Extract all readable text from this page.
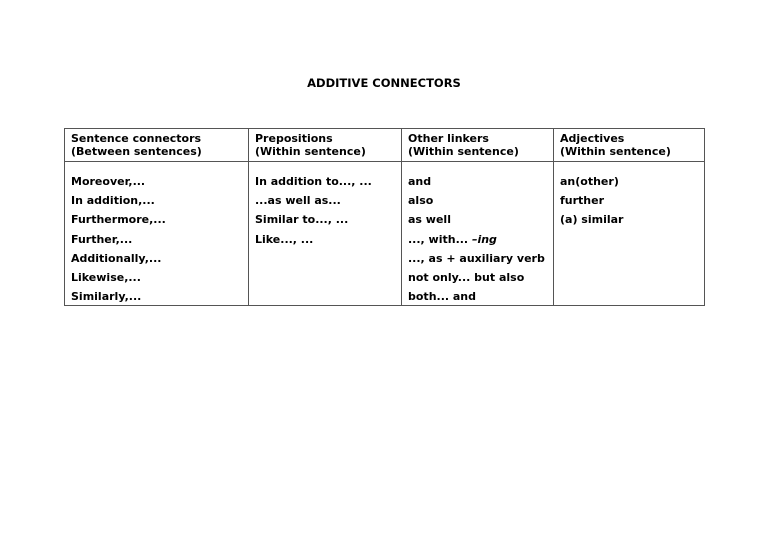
ADDITIVE CONNECTORS
Sentence connectors
(Between sentences)
Moreover,...
In addition,...
Furthermore,...
Further,...
Additionally,...
Likewise,...
Similarly,...
Prepositions
(Within sentence)
In addition to..., ...
...as well as...
Similar to..., ...
Like..., ...
Other linkers
(Within sentence)
and
also
as well
..., with... –ing
..., as + auxiliary verb
not only... but also
both... and
Adjectives
(Within sentence)
an(other)
further
(a) similar
